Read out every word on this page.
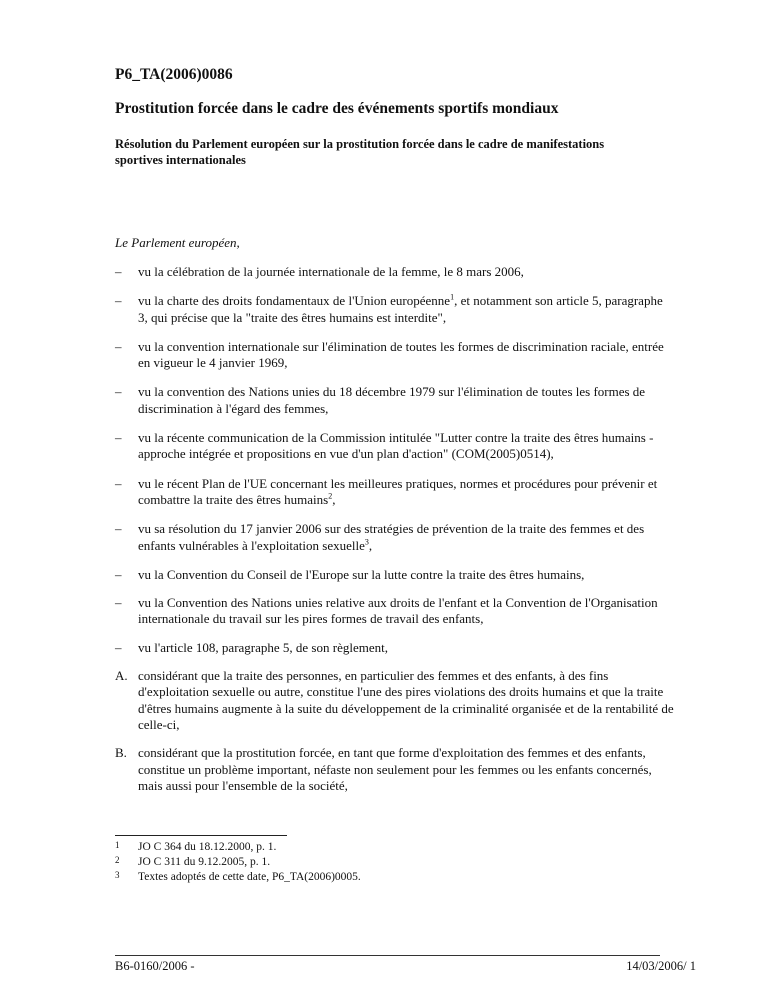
P6_TA(2006)0086
Prostitution forcée dans le cadre des événements sportifs mondiaux
Résolution du Parlement européen sur la prostitution forcée dans le cadre de manifestations sportives internationales
Le Parlement européen,

– vu la célébration de la journée internationale de la femme, le 8 mars 2006,

– vu la charte des droits fondamentaux de l'Union européenne$^1$, et notamment son article 5, paragraphe 3, qui précise que la "traite des êtres humains est interdite",

– vu la convention internationale sur l'élimination de toutes les formes de discrimination raciale, entrée en vigueur le 4 janvier 1969,

– vu la convention des Nations unies du 18 décembre 1979 sur l'élimination de toutes les formes de discrimination à l'égard des femmes,

– vu la récente communication de la Commission intitulée "Lutter contre la traite des êtres humains - approche intégrée et propositions en vue d'un plan d'action" (COM(2005)0514),

– vu le récent Plan de l'UE concernant les meilleures pratiques, normes et procédures pour prévenir et combattre la traite des êtres humains$^2$,

– vu sa résolution du 17 janvier 2006 sur des stratégies de prévention de la traite des femmes et des enfants vulnérables à l'exploitation sexuelle$^3$,

– vu la Convention du Conseil de l'Europe sur la lutte contre la traite des êtres humains,

– vu la Convention des Nations unies relative aux droits de l'enfant et la Convention de l'Organisation internationale du travail sur les pires formes de travail des enfants,

– vu l'article 108, paragraphe 5, de son règlement,

A. considérant que la traite des personnes, en particulier des femmes et des enfants, à des fins d'exploitation sexuelle ou autre, constitue l'une des pires violations des droits humains et que la traite d'êtres humains augmente à la suite du développement de la criminalité organisée et de la rentabilité de celle-ci,

B. considérant que la prostitution forcée, en tant que forme d'exploitation des femmes et des enfants, constitue un problème important, néfaste non seulement pour les femmes ou les enfants concernés, mais aussi pour l'ensemble de la société,

1 JO C 364 du 18.12.2000, p. 1.
2 JO C 311 du 9.12.2005, p. 1.
3 Textes adoptés de cette date, P6_TA(2006)0005.
B6-0160/2006 -	14/03/2006/ 1
